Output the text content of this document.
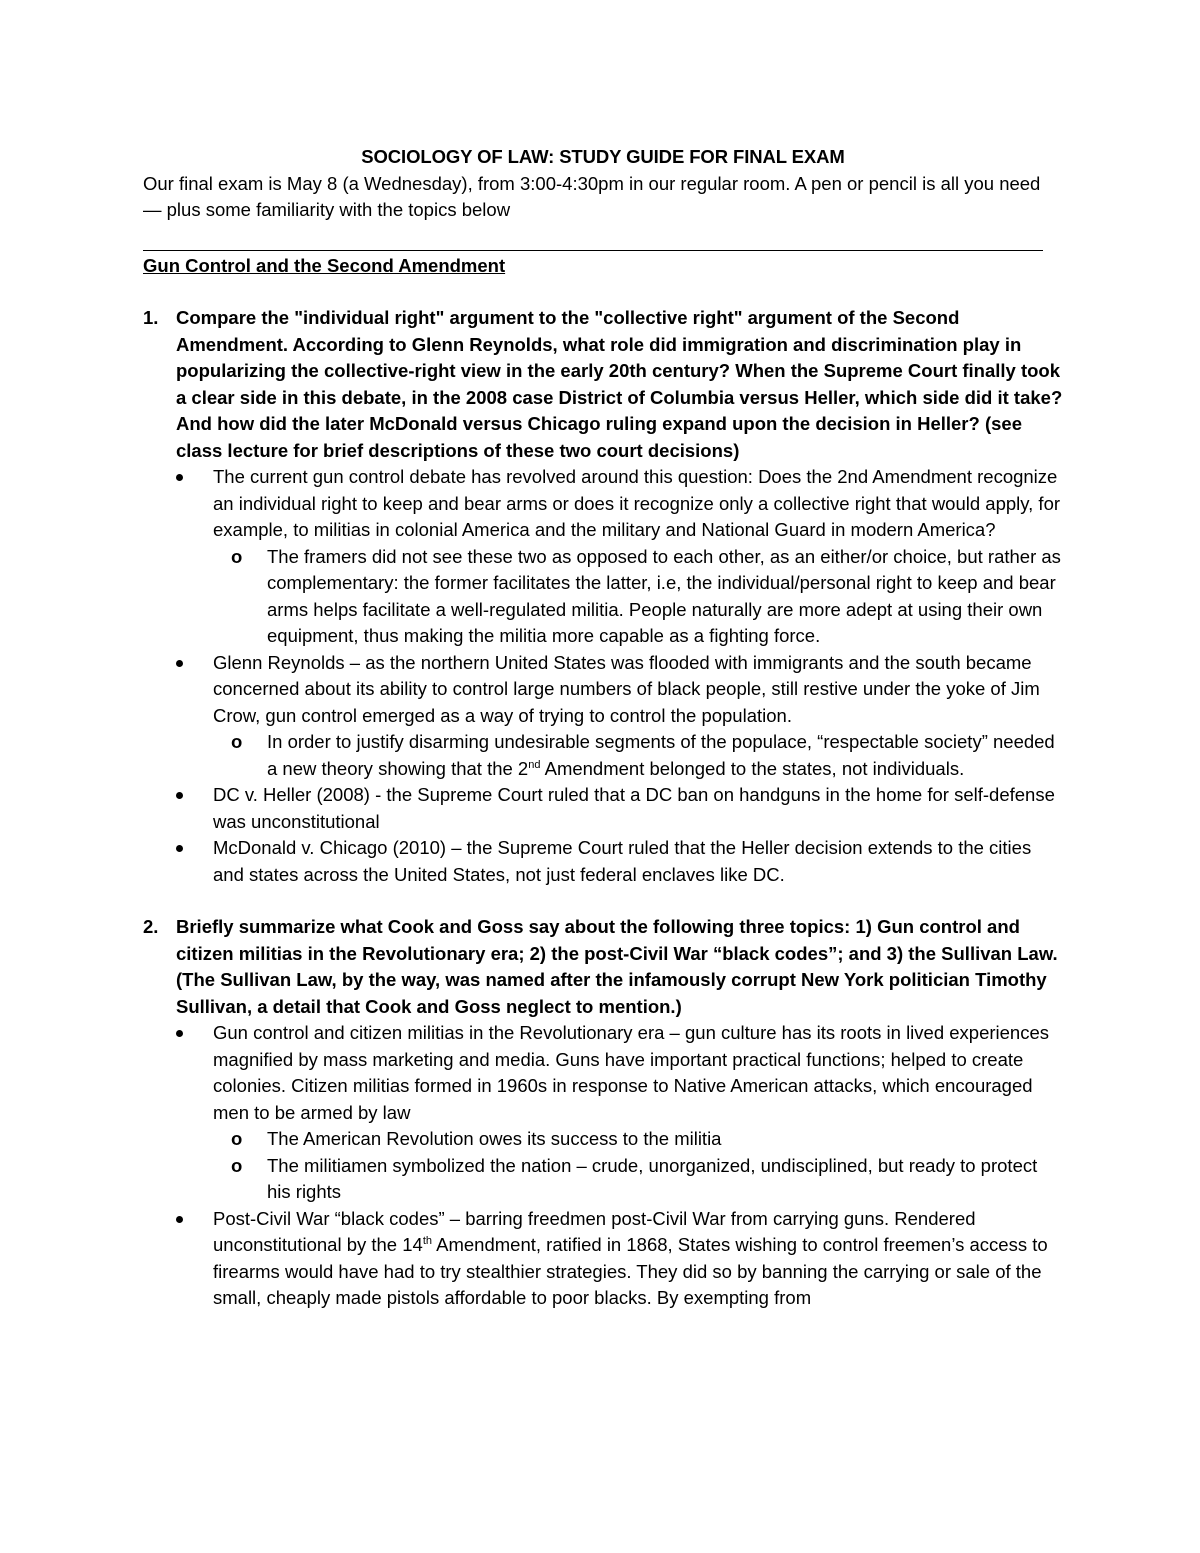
SOCIOLOGY OF LAW: STUDY GUIDE FOR FINAL EXAM

Our final exam is May 8 (a Wednesday), from 3:00-4:30pm in our regular room. A pen or pencil is all you need — plus some familiarity with the topics below

Gun Control and the Second Amendment

1. Compare the "individual right" argument to the "collective right" argument of the Second Amendment. According to Glenn Reynolds, what role did immigration and discrimination play in popularizing the collective-right view in the early 20th century? When the Supreme Court finally took a clear side in this debate, in the 2008 case District of Columbia versus Heller, which side did it take? And how did the later McDonald versus Chicago ruling expand upon the decision in Heller? (see class lecture for brief descriptions of these two court decisions)
The current gun control debate has revolved around this question: Does the 2nd Amendment recognize an individual right to keep and bear arms or does it recognize only a collective right that would apply, for example, to militias in colonial America and the military and National Guard in modern America?
o The framers did not see these two as opposed to each other, as an either/or choice, but rather as complementary: the former facilitates the latter, i.e, the individual/personal right to keep and bear arms helps facilitate a well-regulated militia. People naturally are more adept at using their own equipment, thus making the militia more capable as a fighting force.
Glenn Reynolds – as the northern United States was flooded with immigrants and the south became concerned about its ability to control large numbers of black people, still restive under the yoke of Jim Crow, gun control emerged as a way of trying to control the population.
o In order to justify disarming undesirable segments of the populace, “respectable society” needed a new theory showing that the 2nd Amendment belonged to the states, not individuals.
DC v. Heller (2008) - the Supreme Court ruled that a DC ban on handguns in the home for self-defense was unconstitutional
McDonald v. Chicago (2010) – the Supreme Court ruled that the Heller decision extends to the cities and states across the United States, not just federal enclaves like DC.
2. Briefly summarize what Cook and Goss say about the following three topics: 1) Gun control and citizen militias in the Revolutionary era; 2) the post-Civil War “black codes”; and 3) the Sullivan Law. (The Sullivan Law, by the way, was named after the infamously corrupt New York politician Timothy Sullivan, a detail that Cook and Goss neglect to mention.)
Gun control and citizen militias in the Revolutionary era – gun culture has its roots in lived experiences magnified by mass marketing and media. Guns have important practical functions; helped to create colonies. Citizen militias formed in 1960s in response to Native American attacks, which encouraged men to be armed by law
o The American Revolution owes its success to the militia
o The militiamen symbolized the nation – crude, unorganized, undisciplined, but ready to protect his rights
Post-Civil War “black codes” – barring freedmen post-Civil War from carrying guns. Rendered unconstitutional by the 14th Amendment, ratified in 1868, States wishing to control freemen’s access to firearms would have had to try stealthier strategies. They did so by banning the carrying or sale of the small, cheaply made pistols affordable to poor blacks. By exempting from
